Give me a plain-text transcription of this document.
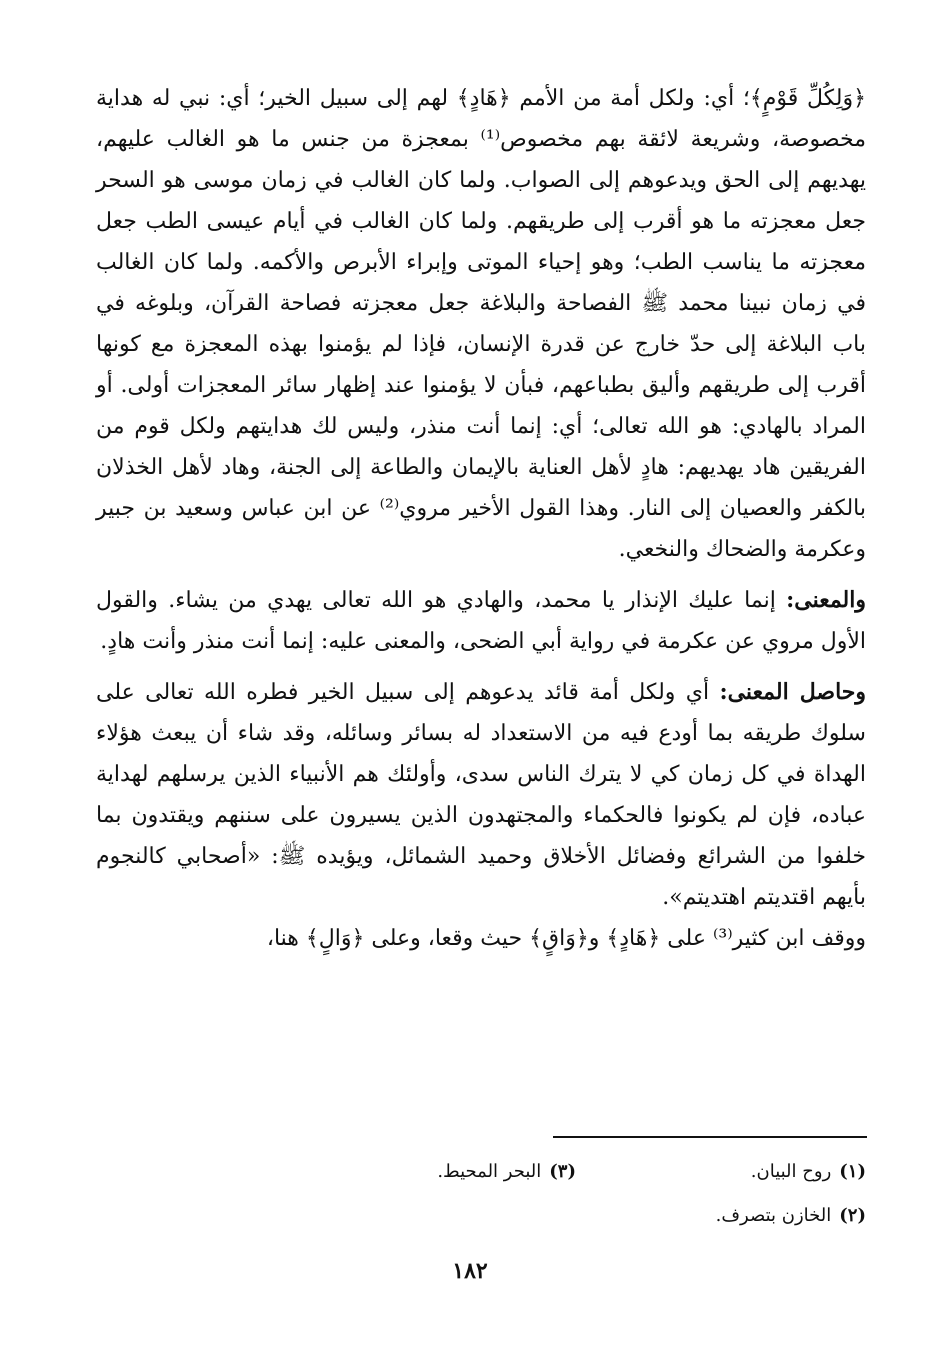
﴿وَلِكُلِّ قَوْمٍ﴾؛ أي: ولكل أمة من الأمم ﴿هَادٍ﴾ لهم إلى سبيل الخير؛ أي: نبي له هداية مخصوصة، وشريعة لائقة بهم مخصوص⁽¹⁾ بمعجزة من جنس ما هو الغالب عليهم، يهديهم إلى الحق ويدعوهم إلى الصواب. ولما كان الغالب في زمان موسى هو السحر جعل معجزته ما هو أقرب إلى طريقهم. ولما كان الغالب في أيام عيسى الطب جعل معجزته ما يناسب الطب؛ وهو إحياء الموتى وإبراء الأبرص والأكمه. ولما كان الغالب في زمان نبينا محمد ﷺ الفصاحة والبلاغة جعل معجزته فصاحة القرآن، وبلوغه في باب البلاغة إلى حدّ خارج عن قدرة الإنسان، فإذا لم يؤمنوا بهذه المعجزة مع كونها أقرب إلى طريقهم وأليق بطباعهم، فبأن لا يؤمنوا عند إظهار سائر المعجزات أولى. أو المراد بالهادي: هو الله تعالى؛ أي: إنما أنت منذر، وليس لك هدايتهم ولكل قوم من الفريقين هاد يهديهم: هادٍ لأهل العناية بالإيمان والطاعة إلى الجنة، وهاد لأهل الخذلان بالكفر والعصيان إلى النار. وهذا القول الأخير مروي⁽²⁾ عن ابن عباس وسعيد بن جبير وعكرمة والضحاك والنخعي.

والمعنى: إنما عليك الإنذار يا محمد، والهادي هو الله تعالى يهدي من يشاء. والقول الأول مروي عن عكرمة في رواية أبي الضحى، والمعنى عليه: إنما أنت منذر وأنت هادٍ.

وحاصل المعنى: أي ولكل أمة قائد يدعوهم إلى سبيل الخير فطره الله تعالى على سلوك طريقه بما أودع فيه من الاستعداد له بسائر وسائله، وقد شاء أن يبعث هؤلاء الهداة في كل زمان كي لا يترك الناس سدى، وأولئك هم الأنبياء الذين يرسلهم لهداية عباده، فإن لم يكونوا فالحكماء والمجتهدون الذين يسيرون على سننهم ويقتدون بما خلفوا من الشرائع وفضائل الأخلاق وحميد الشمائل، ويؤيده ﷺ: «أصحابي كالنجوم بأيهم اقتديتم اهتديتم».

ووقف ابن كثير⁽³⁾ على ﴿هَادٍ﴾ و﴿وَاقٍ﴾ حيث وقعا، وعلى ﴿وَالٍ﴾ هنا،

(١)روح البيان.
(٣)البحر المحيط.
(٢)الخازن بتصرف.
١٨٢
